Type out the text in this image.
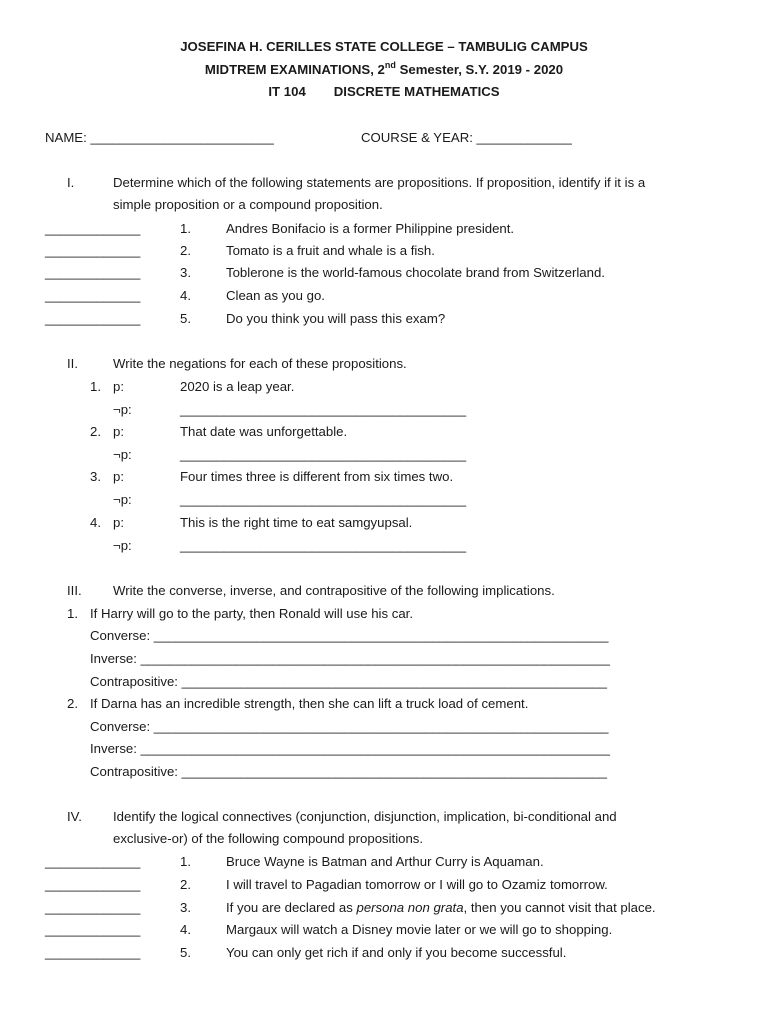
JOSEFINA H. CERILLES STATE COLLEGE – TAMBULIG CAMPUS
MIDTREM EXAMINATIONS, 2nd Semester, S.Y. 2019 - 2020
IT 104 DISCRETE MATHEMATICS
NAME: _________________________	COURSE & YEAR: _____________
I.	Determine which of the following statements are propositions. If proposition, identify if it is a
simple proposition or a compound proposition.
_____________	1.	Andres Bonifacio is a former Philippine president.
_____________	2.	Tomato is a fruit and whale is a fish.
_____________	3.	Toblerone is the world-famous chocolate brand from Switzerland.
_____________	4.	Clean as you go.
_____________	5.	Do you think you will pass this exam?
II.	Write the negations for each of these propositions.
1. p:	2020 is a leap year.
¬p:	_______________________________________
2. p:	That date was unforgettable.
¬p:	_______________________________________
3. p:	Four times three is different from six times two.
¬p:	_______________________________________
4. p:	This is the right time to eat samgyupsal.
¬p:	_______________________________________
III. Write the converse, inverse, and contrapositive of the following implications.
1. If Harry will go to the party, then Ronald will use his car.
Converse: ______________________________________________________________
Inverse: ________________________________________________________________
Contrapositive: __________________________________________________________
2. If Darna has an incredible strength, then she can lift a truck load of cement.
Converse: ______________________________________________________________
Inverse: ________________________________________________________________
Contrapositive: __________________________________________________________
IV. Identify the logical connectives (conjunction, disjunction, implication, bi-conditional and
exclusive-or) of the following compound propositions.
_____________	1.	Bruce Wayne is Batman and Arthur Curry is Aquaman.
_____________	2.	I will travel to Pagadian tomorrow or I will go to Ozamiz tomorrow.
_____________	3.	If you are declared as persona non grata, then you cannot visit that place.
_____________	4.	Margaux will watch a Disney movie later or we will go to shopping.
_____________	5.	You can only get rich if and only if you become successful.
